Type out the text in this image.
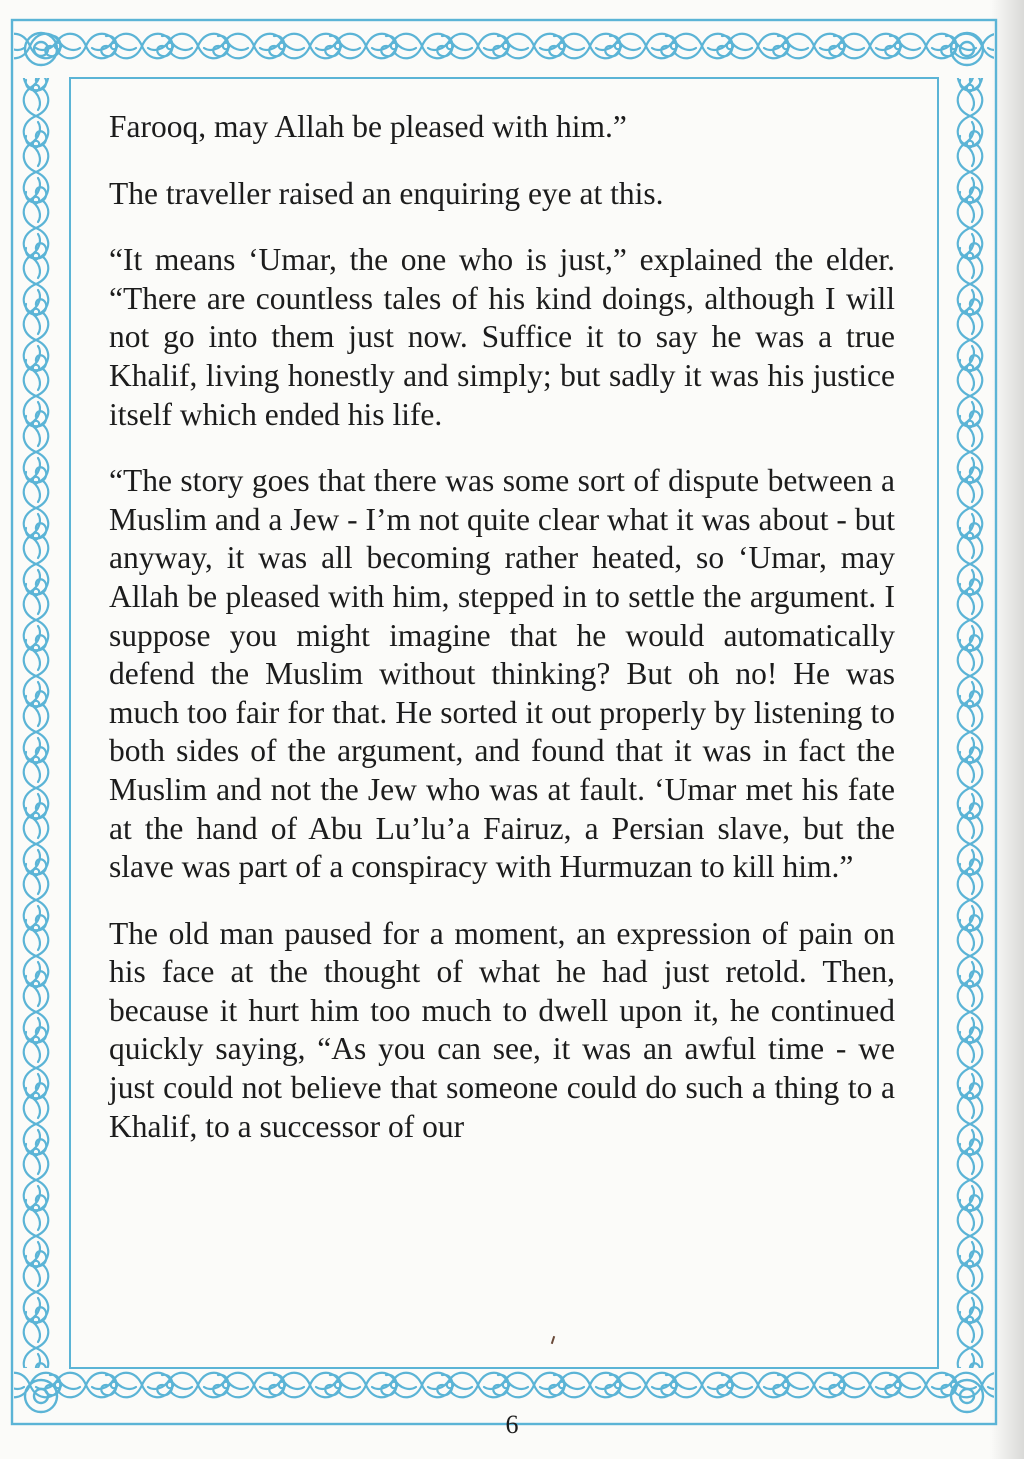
Farooq, may Allah be pleased with him.”

The traveller raised an enquiring eye at this.

“It means ‘Umar, the one who is just,” explained the elder. “There are countless tales of his kind doings, although I will not go into them just now. Suffice it to say he was a true Khalif, living honestly and simply; but sadly it was his justice itself which ended his life.

“The story goes that there was some sort of dispute between a Muslim and a Jew - I’m not quite clear what it was about - but anyway, it was all becoming rather heated, so ‘Umar, may Allah be pleased with him, stepped in to settle the argument. I suppose you might imagine that he would automatically defend the Muslim without thinking? But oh no! He was much too fair for that. He sorted it out properly by listening to both sides of the argument, and found that it was in fact the Muslim and not the Jew who was at fault. ‘Umar met his fate at the hand of Abu Lu’lu’a Fairuz, a Persian slave, but the slave was part of a conspiracy with Hurmuzan to kill him.”

The old man paused for a moment, an expression of pain on his face at the thought of what he had just retold. Then, because it hurt him too much to dwell upon it, he continued quickly saying, “As you can see, it was an awful time - we just could not believe that someone could do such a thing to a Khalif, to a successor of our

6
